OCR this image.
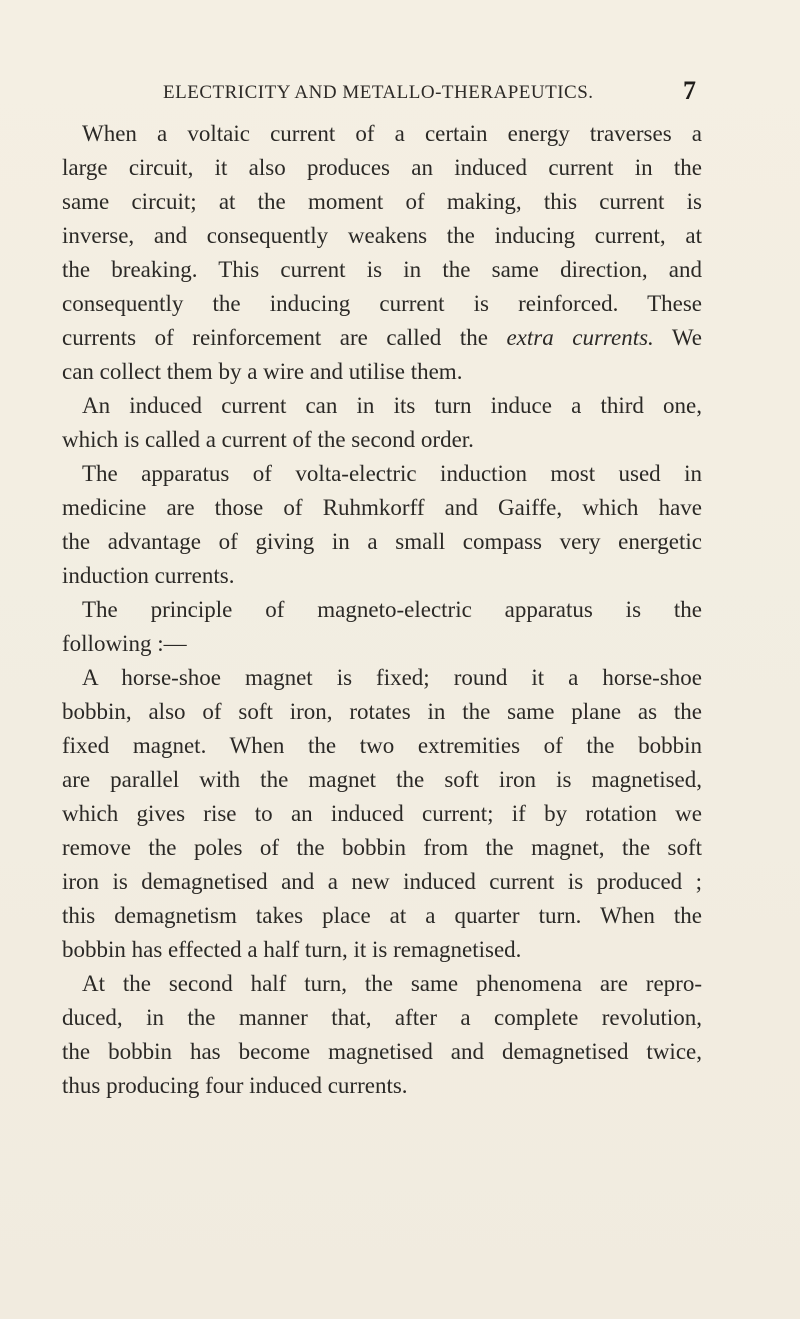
ELECTRICITY AND METALLO-THERAPEUTICS.	7
When a voltaic current of a certain energy traverses a
large circuit, it also produces an induced current in the
same circuit; at the moment of making, this current is
inverse, and consequently weakens the inducing current, at
the breaking. This current is in the same direction, and
consequently the inducing current is reinforced. These
currents of reinforcement are called the extra currents. We
can collect them by a wire and utilise them.
An induced current can in its turn induce a third one,
which is called a current of the second order.
The apparatus of volta-electric induction most used in
medicine are those of Ruhmkorff and Gaiffe, which have
the advantage of giving in a small compass very energetic
induction currents.
The principle of magneto-electric apparatus is the
following :—
A horse-shoe magnet is fixed; round it a horse-shoe
bobbin, also of soft iron, rotates in the same plane as the
fixed magnet. When the two extremities of the bobbin
are parallel with the magnet the soft iron is magnetised,
which gives rise to an induced current; if by rotation we
remove the poles of the bobbin from the magnet, the soft
iron is demagnetised and a new induced current is produced ;
this demagnetism takes place at a quarter turn. When the
bobbin has effected a half turn, it is remagnetised.
At the second half turn, the same phenomena are repro-
duced, in the manner that, after a complete revolution,
the bobbin has become magnetised and demagnetised twice,
thus producing four induced currents.
